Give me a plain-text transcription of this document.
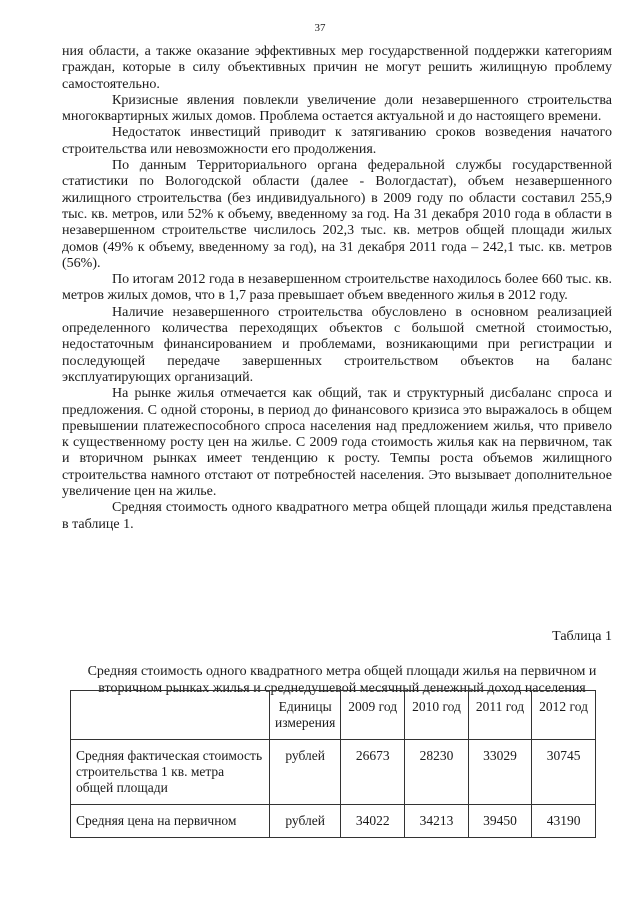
37

ния области, а также оказание эффективных мер государственной поддержки категориям граждан, которые в силу объективных причин не могут решить жилищную проблему самостоятельно.

Кризисные явления повлекли увеличение доли незавершенного строительства многоквартирных жилых домов. Проблема остается актуальной и до настоящего времени.

Недостаток инвестиций приводит к затягиванию сроков возведения начатого строительства или невозможности его продолжения.

По данным Территориального органа федеральной службы государственной статистики по Вологодской области (далее - Вологдастат), объем незавершенного жилищного строительства (без индивидуального) в 2009 году по области составил 255,9 тыс. кв. метров, или 52% к объему, введенному за год. На 31 декабря 2010 года в области в незавершенном строительстве числилось 202,3 тыс. кв. метров общей площади жилых домов (49% к объему, введенному за год), на 31 декабря 2011 года – 242,1 тыс. кв. метров (56%).

По итогам 2012 года в незавершенном строительстве находилось более 660 тыс. кв. метров жилых домов, что в 1,7 раза превышает объем введенного жилья в 2012 году.

Наличие незавершенного строительства обусловлено в основном реализацией определенного количества переходящих объектов с большой сметной стоимостью, недостаточным финансированием и проблемами, возникающими при регистрации и последующей передаче завершенных строительством объектов на баланс эксплуатирующих организаций.

На рынке жилья отмечается как общий, так и структурный дисбаланс спроса и предложения. С одной стороны, в период до финансового кризиса это выражалось в общем превышении платежеспособного спроса населения над предложением жилья, что привело к существенному росту цен на жилье. С 2009 года стоимость жилья как на первичном, так и вторичном рынках имеет тенденцию к росту. Темпы роста объемов жилищного строительства намного отстают от потребностей населения. Это вызывает дополнительное увеличение цен на жилье.

Средняя стоимость одного квадратного метра общей площади жилья представлена в таблице 1.

Таблица 1
Средняя стоимость одного квадратного метра общей площади жилья на первичном и вторичном рынках жилья и среднедушевой месячный денежный доход населения
	Единицы измерения	2009 год	2010 год	2011 год	2012 год
Средняя фактическая стоимость строительства 1 кв. метра общей площади	рублей	26673	28230	33029	30745
Средняя цена на первичном	рублей	34022	34213	39450	43190
